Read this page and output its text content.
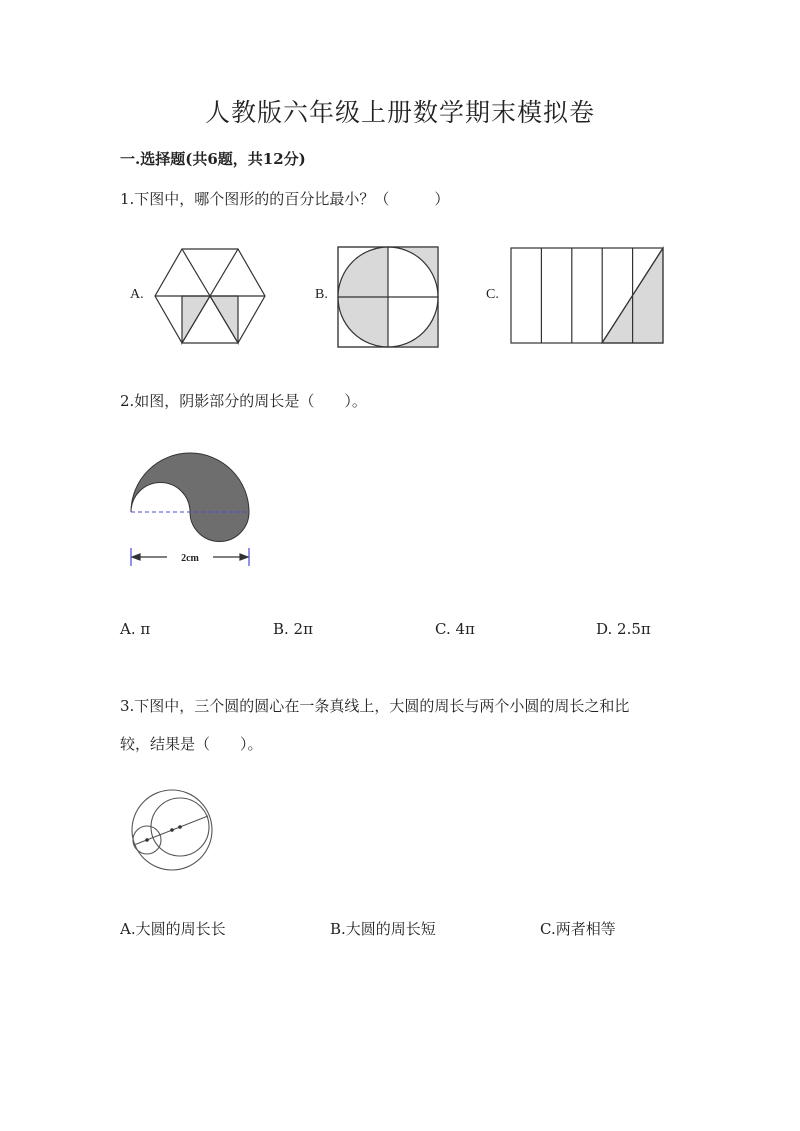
人教版六年级上册数学期末模拟卷
一.选择题(共6题，共12分)
1.下图中，哪个图形的的百分比最小？（　　　）
A.	B.	C.
2.如图，阴影部分的周长是（　　）。
2cm
A. π	B. 2π	C. 4π	D. 2.5π
3.下图中，三个圆的圆心在一条真线上，大圆的周长与两个小圆的周长之和比
较，结果是（　　）。
A.大圆的周长长	B.大圆的周长短	C.两者相等
